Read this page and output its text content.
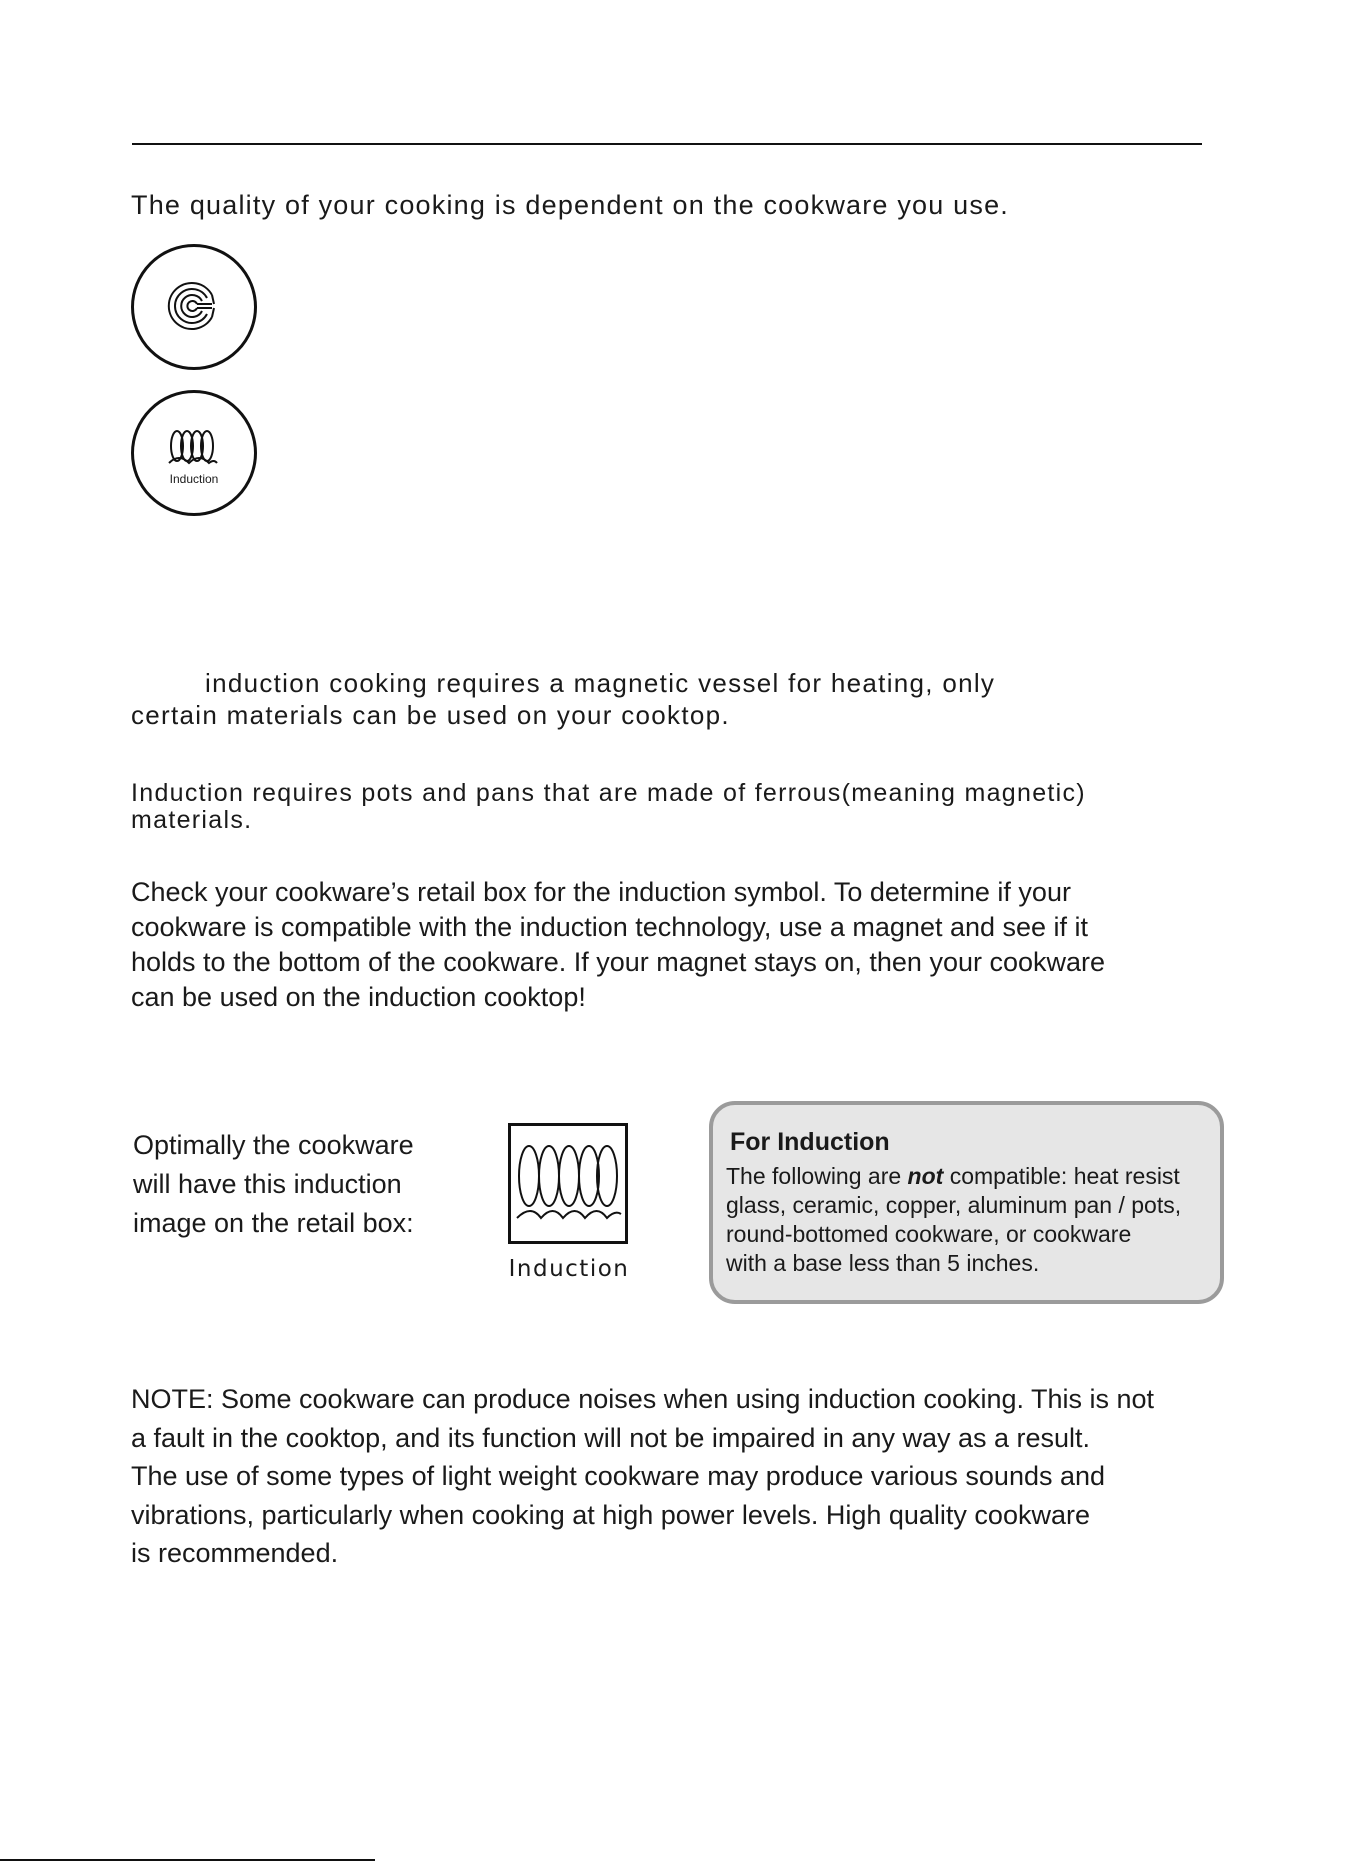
The quality of your cooking is dependent on the cookware you use.
Induction
induction cooking requires a magnetic vessel for heating, only
certain materials can be used on your cooktop.
Induction requires pots and pans that are made of ferrous(meaning magnetic)
materials.
Check your cookware’s retail box for the induction symbol. To determine if your
cookware is compatible with the induction technology, use a magnet and see if it
holds to the bottom of the cookware. If your magnet stays on, then your cookware
can be used on the induction cooktop!
Optimally the cookware
will have this induction
image on the retail box:
Induction
For Induction
The following are not compatible: heat resist
glass, ceramic, copper, aluminum pan / pots,
round-bottomed cookware, or cookware
with a base less than 5 inches.
NOTE: Some cookware can produce noises when using induction cooking. This is not
a fault in the cooktop, and its function will not be impaired in any way as a result.
The use of some types of light weight cookware may produce various sounds and
vibrations, particularly when cooking at high power levels. High quality cookware
is recommended.
